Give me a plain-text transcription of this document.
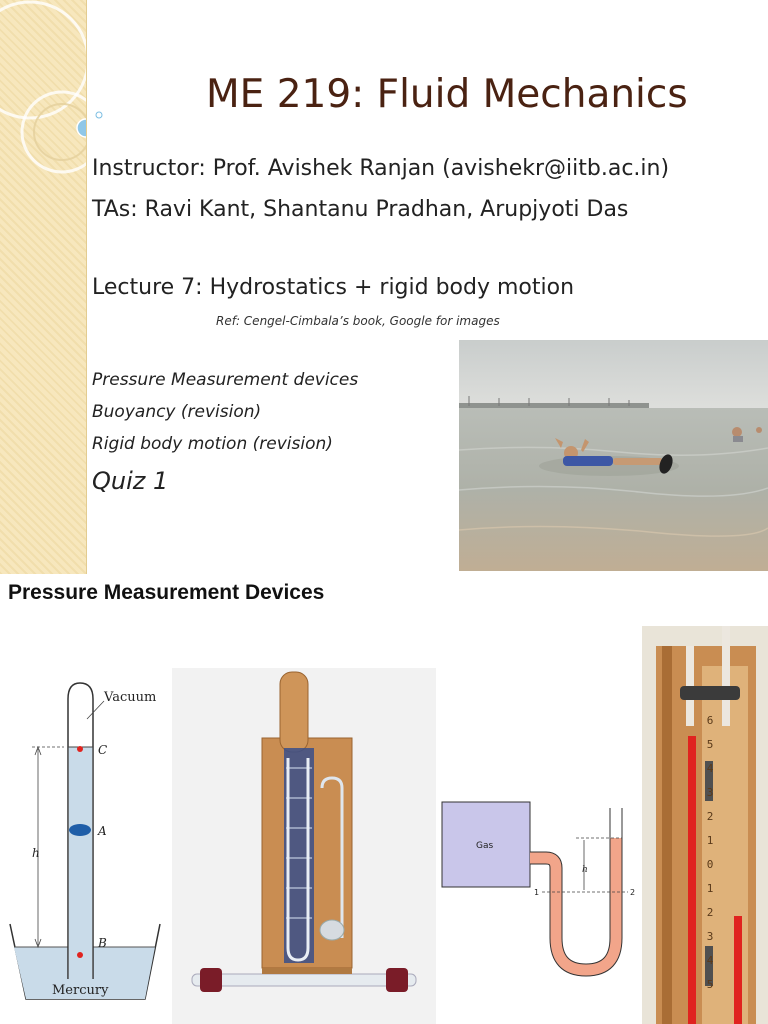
ME 219: Fluid Mechanics
Instructor: Prof. Avishek Ranjan (avishekr@iitb.ac.in)
TAs: Ravi Kant, Shantanu Pradhan, Arupjyoti Das
Lecture 7: Hydrostatics + rigid body motion
Ref: Cengel-Cimbala’s book, Google for images
Pressure Measurement devices
Buoyancy (revision)
Rigid body motion (revision)
Quiz 1
Pressure Measurement Devices
Vacuum
C
A
B
h
Mercury
Gas
h
1	2
6
5
4
3
2
1
0
1
2
3
4
5
